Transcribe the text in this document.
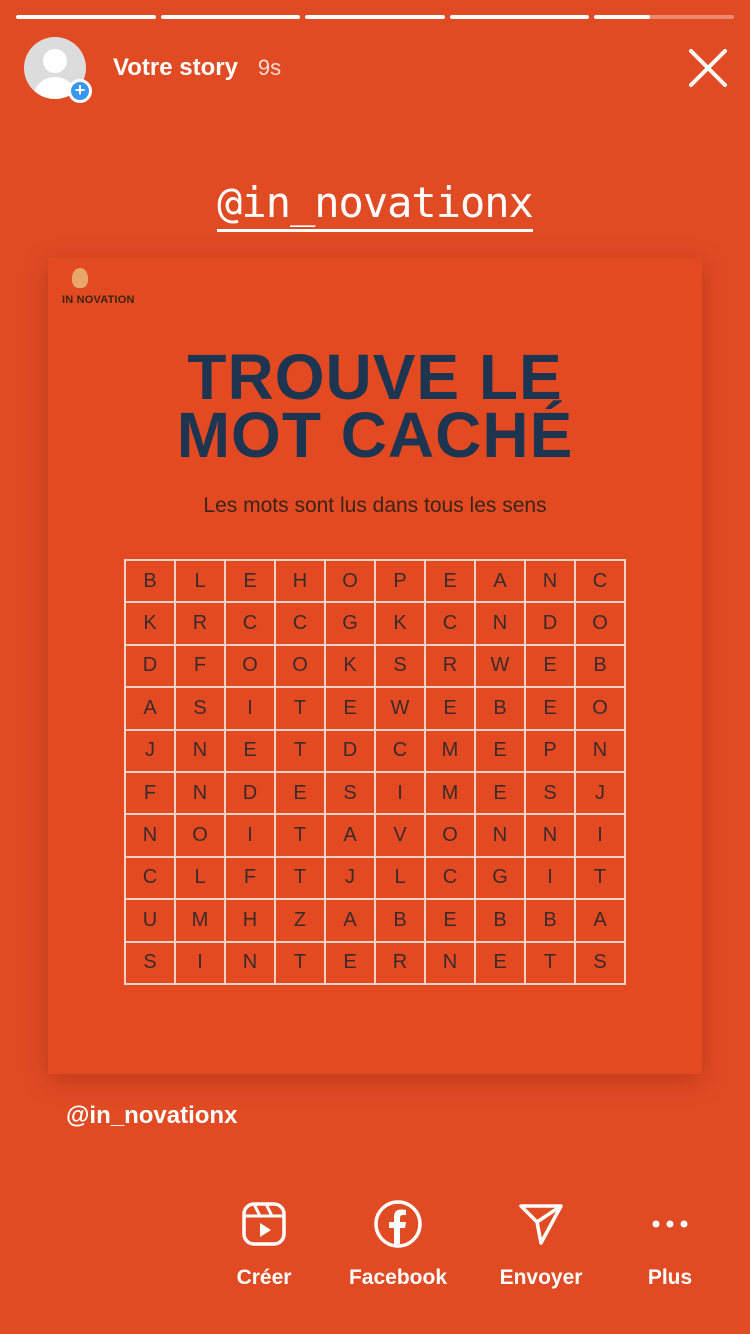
+
Votre story 9s
@in_novationx
IN NOVATION
TROUVE LE
MOT CACHÉ
Les mots sont lus dans tous les sens
B	L	E	H	O	P	E	A	N	C
K	R	C	C	G	K	C	N	D	O
D	F	O	O	K	S	R	W	E	B
A	S	I	T	E	W	E	B	E	O
J	N	E	T	D	C	M	E	P	N
F	N	D	E	S	I	M	E	S	J
N	O	I	T	A	V	O	N	N	I
C	L	F	T	J	L	C	G	I	T
U	M	H	Z	A	B	E	B	B	A
S	I	N	T	E	R	N	E	T	S
@in_novationx
Créer	Facebook	Envoyer	Plus
